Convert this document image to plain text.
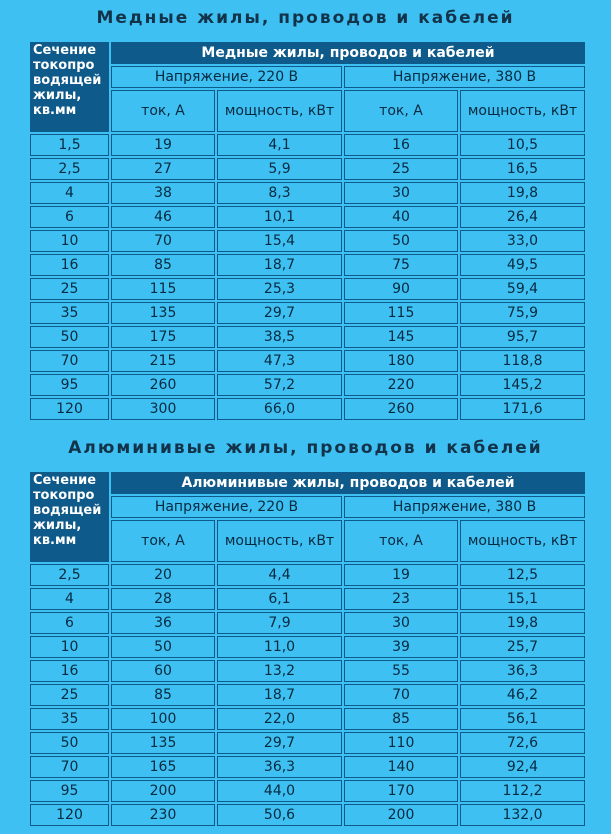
Медные жилы, проводов и кабелей
Сечение токопро водящей жилы, кв.мм	Медные жилы, проводов и кабелей			
	Напряжение, 220 В		Напряжение, 380 В	
	ток, А	мощность, кВт	ток, А	мощность, кВт
1,5	19	4,1	16	10,5
2,5	27	5,9	25	16,5
4	38	8,3	30	19,8
6	46	10,1	40	26,4
10	70	15,4	50	33,0
16	85	18,7	75	49,5
25	115	25,3	90	59,4
35	135	29,7	115	75,9
50	175	38,5	145	95,7
70	215	47,3	180	118,8
95	260	57,2	220	145,2
120	300	66,0	260	171,6
Алюминивые жилы, проводов и кабелей
Сечение токопро водящей жилы, кв.мм	Алюминивые жилы, проводов и кабелей			
	Напряжение, 220 В		Напряжение, 380 В	
	ток, А	мощность, кВт	ток, А	мощность, кВт
2,5	20	4,4	19	12,5
4	28	6,1	23	15,1
6	36	7,9	30	19,8
10	50	11,0	39	25,7
16	60	13,2	55	36,3
25	85	18,7	70	46,2
35	100	22,0	85	56,1
50	135	29,7	110	72,6
70	165	36,3	140	92,4
95	200	44,0	170	112,2
120	230	50,6	200	132,0
